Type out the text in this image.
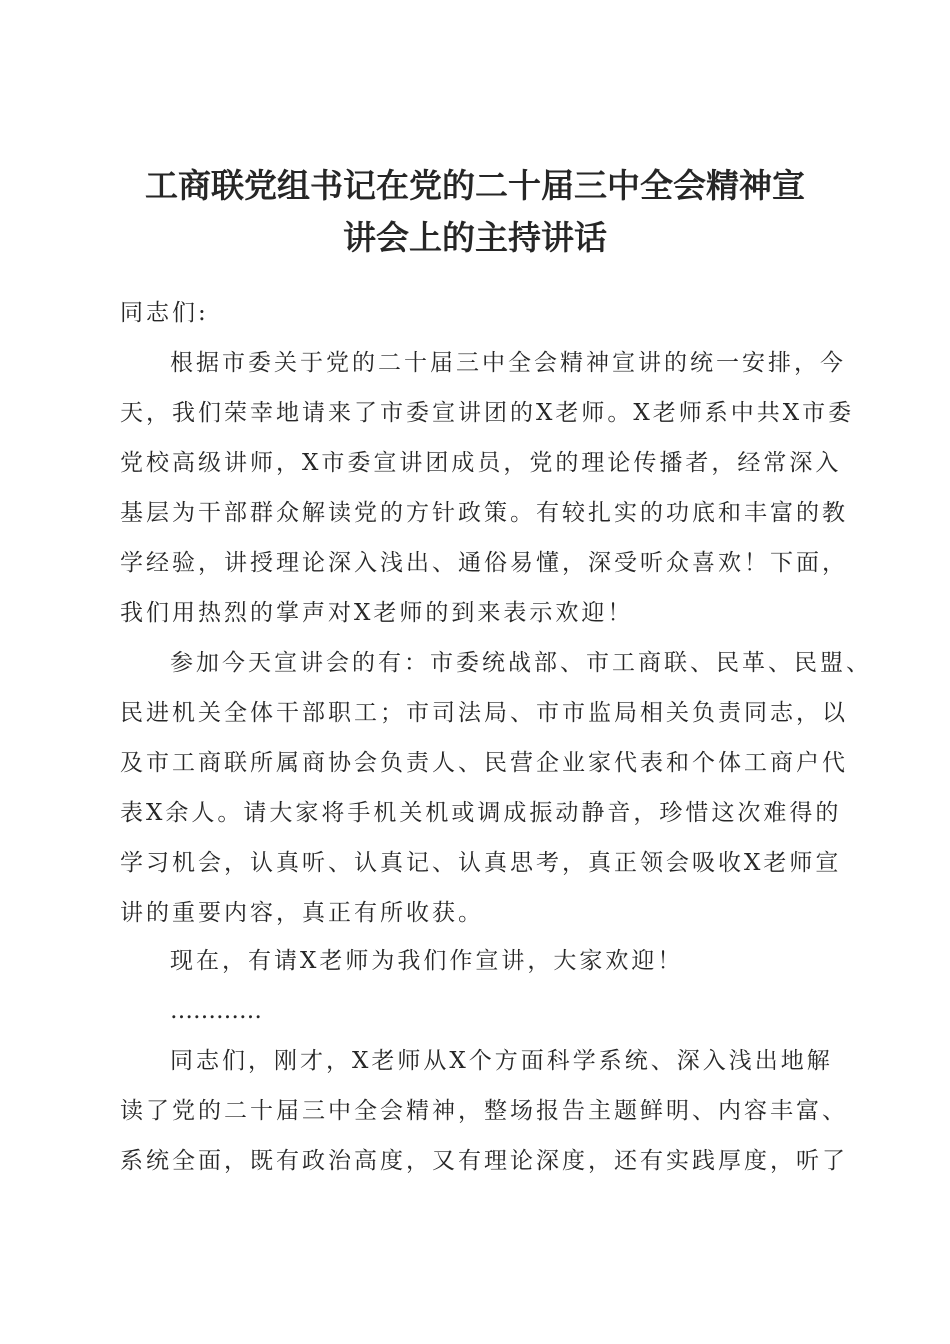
工商联党组书记在党的二十届三中全会精神宣
讲会上的主持讲话
同志们:
根据市委关于党的二十届三中全会精神宣讲的统一安排，今
天，我们荣幸地请来了市委宣讲团的X老师。X老师系中共X市委
党校高级讲师，X市委宣讲团成员，党的理论传播者，经常深入
基层为干部群众解读党的方针政策。有较扎实的功底和丰富的教
学经验，讲授理论深入浅出、通俗易懂，深受听众喜欢！下面，
我们用热烈的掌声对X老师的到来表示欢迎！
参加今天宣讲会的有：市委统战部、市工商联、民革、民盟、
民进机关全体干部职工；市司法局、市市监局相关负责同志，以
及市工商联所属商协会负责人、民营企业家代表和个体工商户代
表X余人。请大家将手机关机或调成振动静音，珍惜这次难得的
学习机会，认真听、认真记、认真思考，真正领会吸收X老师宣
讲的重要内容，真正有所收获。
现在，有请X老师为我们作宣讲，大家欢迎！
…………
同志们，刚才，X老师从X个方面科学系统、深入浅出地解
读了党的二十届三中全会精神，整场报告主题鲜明、内容丰富、
系统全面，既有政治高度，又有理论深度，还有实践厚度，听了
